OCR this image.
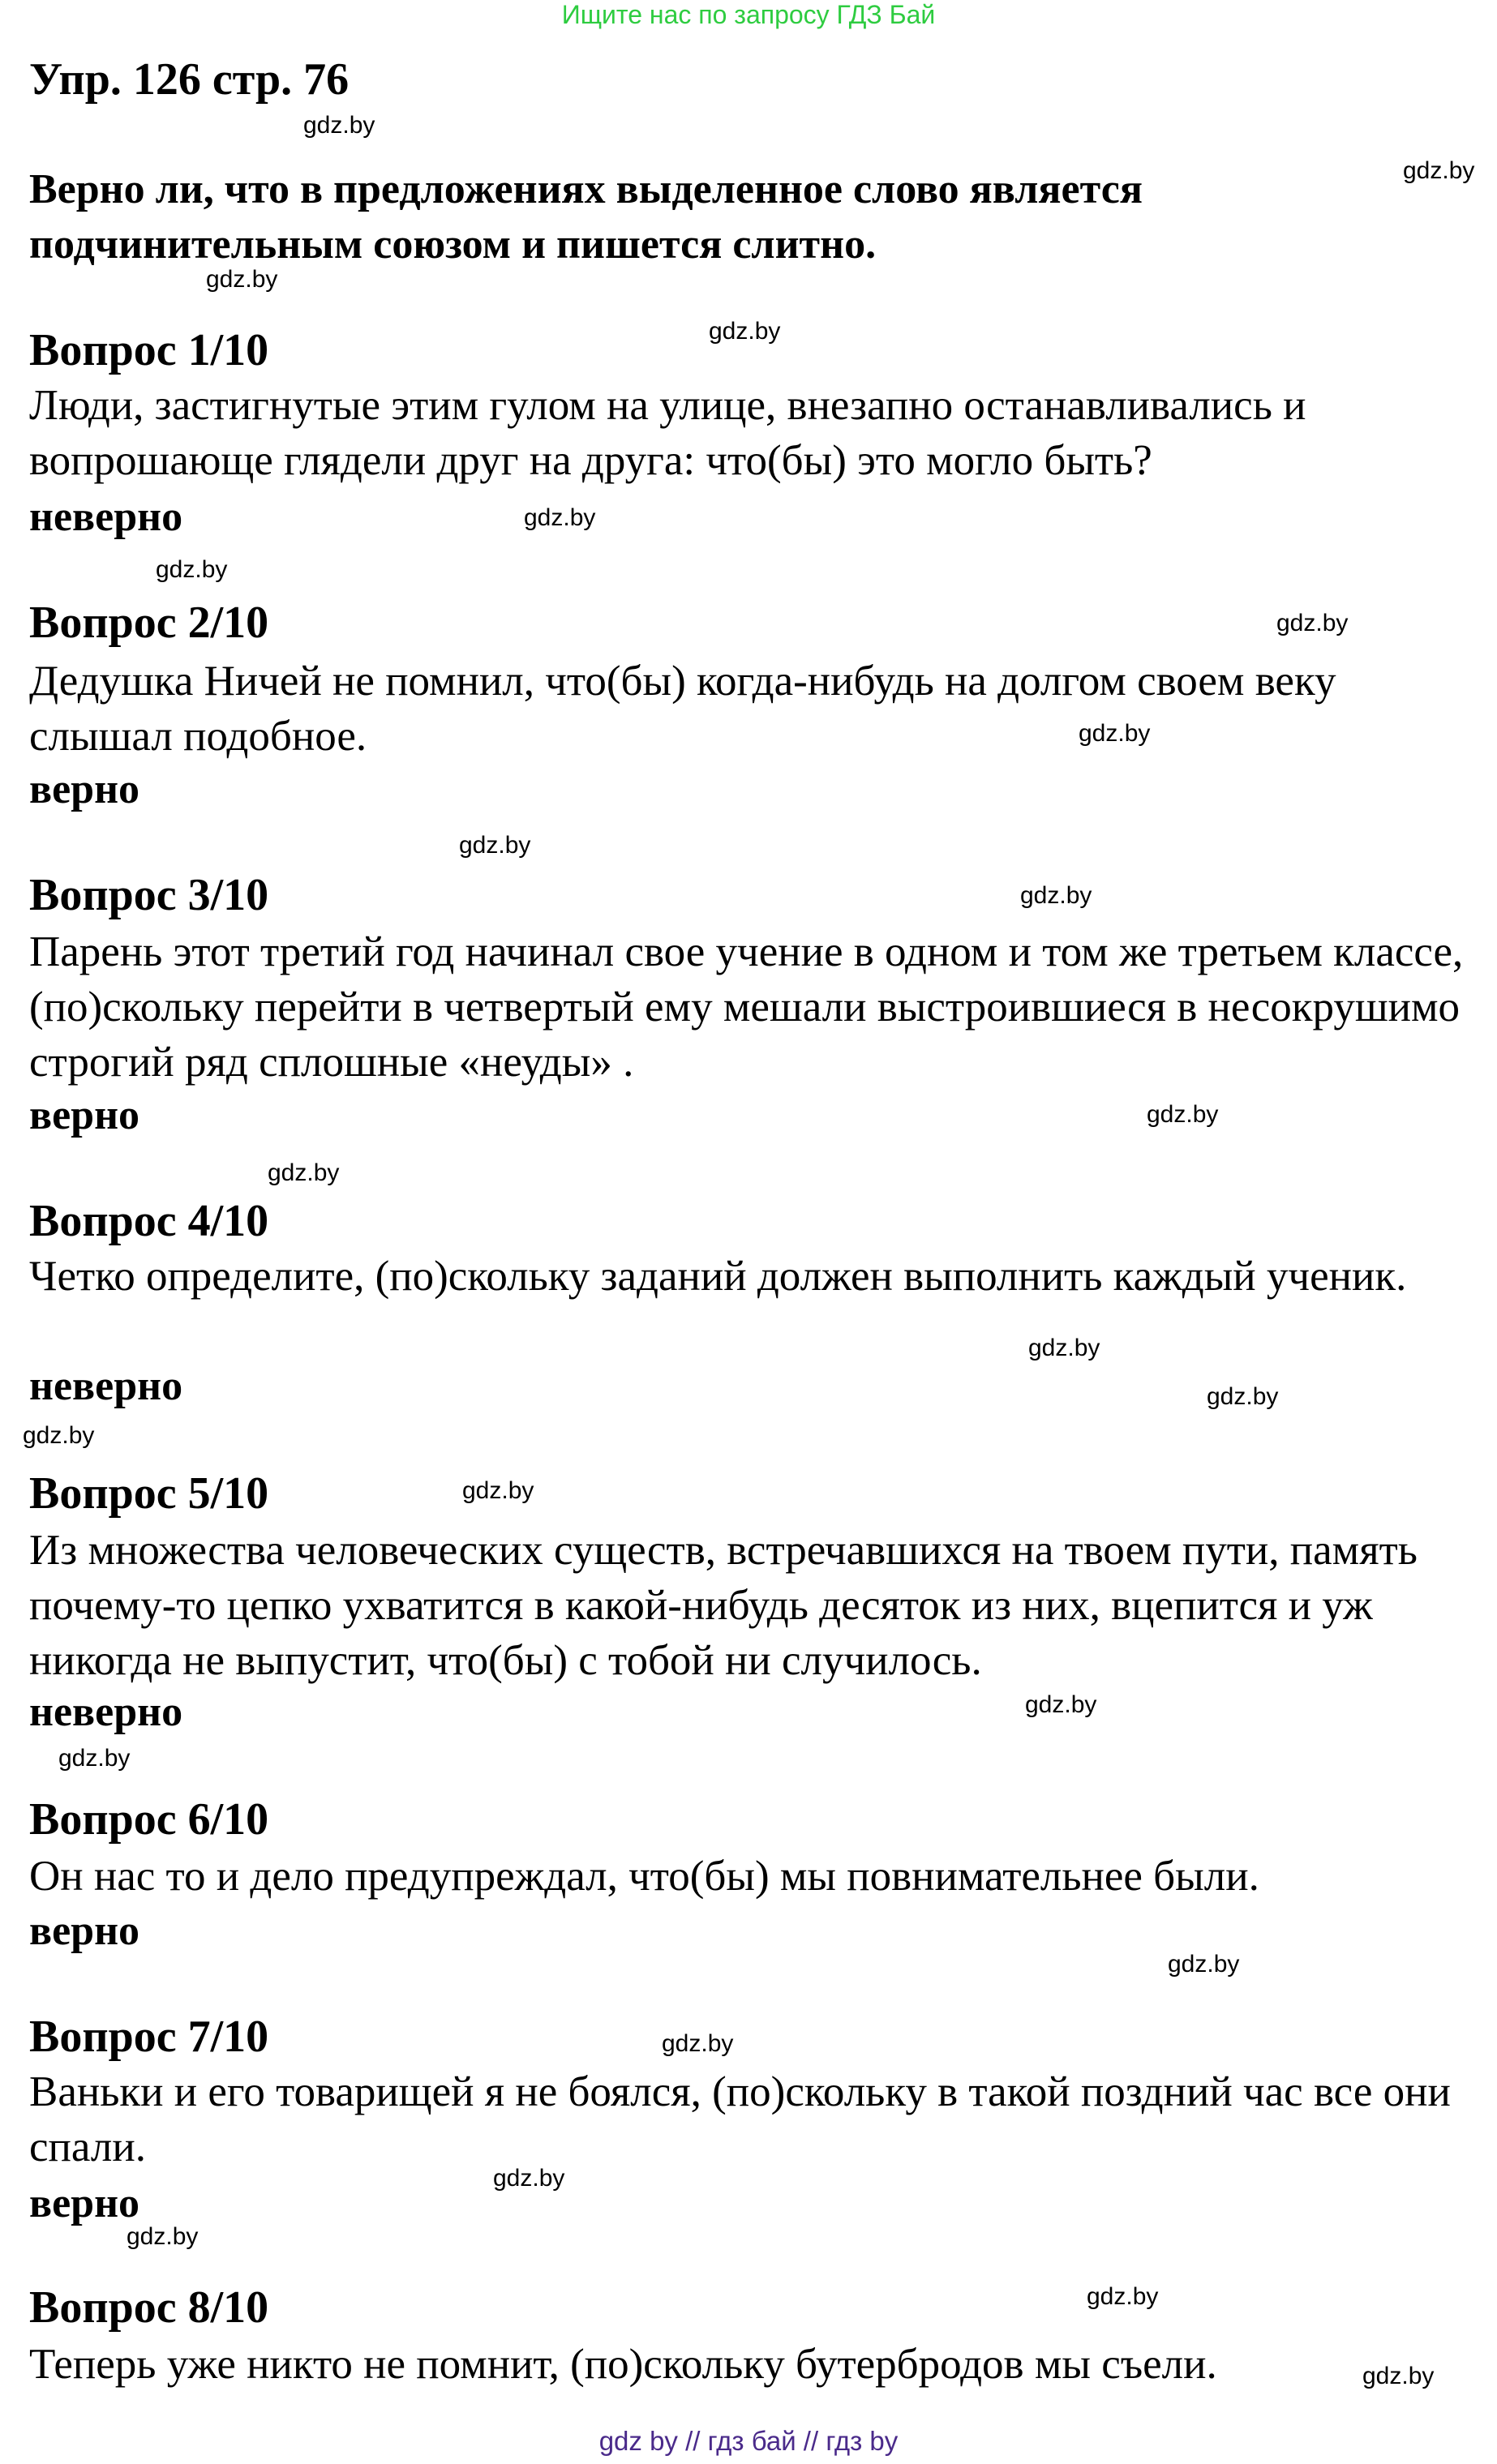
Ищите нас по запросу ГДЗ Бай
Упр. 126 стр. 76

Верно ли, что в предложениях выделенное слово является подчинительным союзом и пишется слитно.

Вопрос 1/10

Люди, застигнутые этим гулом на улице, внезапно останавливались и вопрошающе глядели друг на друга: что(бы) это могло быть?

неверно

Вопрос 2/10

Дедушка Ничей не помнил, что(бы) когда-нибудь на долгом своем веку слышал подобное.

верно

Вопрос 3/10

Парень этот третий год начинал свое учение в одном и том же третьем классе, (по)скольку перейти в четвертый ему мешали выстроившиеся в несокрушимо строгий ряд сплошные «неуды» .

верно

Вопрос 4/10

Четко определите, (по)скольку заданий должен выполнить каждый ученик.

неверно

Вопрос 5/10

Из множества человеческих существ, встречавшихся на твоем пути, память почему-то цепко ухватится в какой-нибудь десяток из них, вцепится и уж никогда не выпустит, что(бы) с тобой ни случилось.

неверно

Вопрос 6/10

Он нас то и дело предупреждал, что(бы) мы повнимательнее были.

верно

Вопрос 7/10

Ваньки и его товарищей я не боялся, (по)скольку в такой поздний час все они спали.

верно

Вопрос 8/10

Теперь уже никто не помнит, (по)скольку бутербродов мы съели.

gdz.by
gdz.by
gdz.by
gdz.by
gdz.by
gdz.by
gdz.by
gdz.by
gdz.by
gdz.by
gdz.by
gdz.by
gdz.by
gdz.by
gdz.by
gdz.by
gdz.by
gdz.by
gdz.by
gdz.by
gdz.by
gdz.by
gdz.by
gdz.by
gdz by // гдз бай // гдз by
